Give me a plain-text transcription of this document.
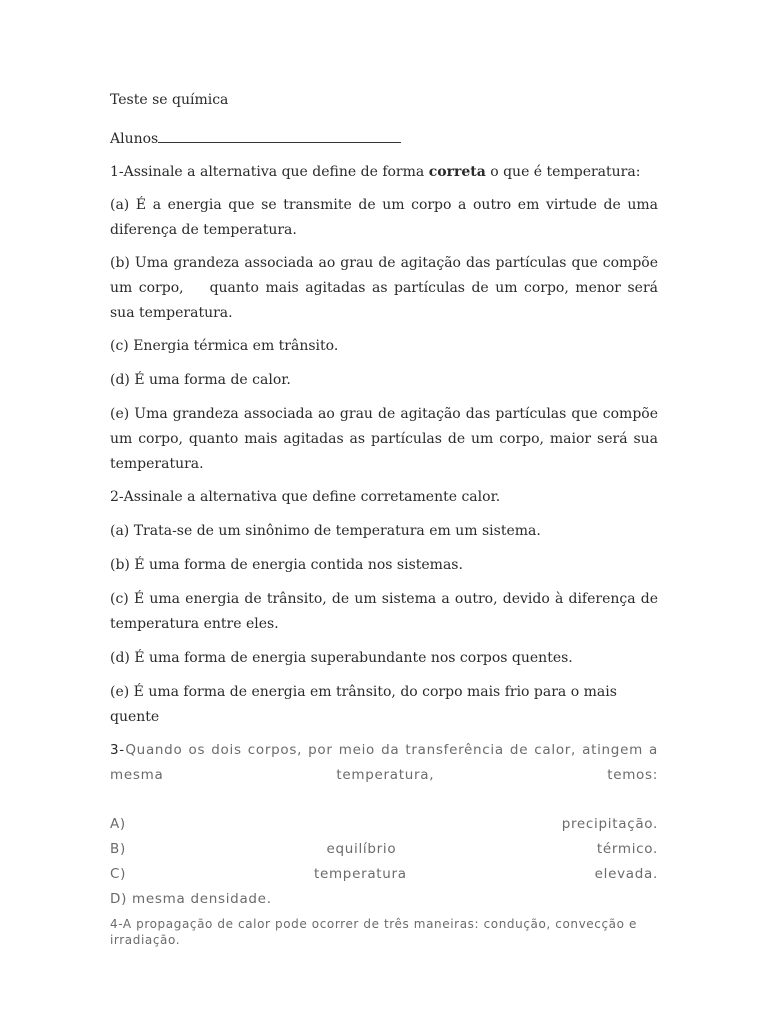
Teste se química

Alunos

1-Assinale a alternativa que define de forma correta o que é temperatura:

(a) É a energia que se transmite de um corpo a outro em virtude de uma diferença de temperatura.

(b) Uma grandeza associada ao grau de agitação das partículas que compõe um corpo,    quanto mais agitadas as partículas de um corpo, menor será sua temperatura.

(c) Energia térmica em trânsito.

(d) É uma forma de calor.

(e) Uma grandeza associada ao grau de agitação das partículas que compõe um corpo, quanto mais agitadas as partículas de um corpo, maior será sua temperatura.

2-Assinale a alternativa que define corretamente calor.

(a) Trata-se de um sinônimo de temperatura em um sistema.

(b) É uma forma de energia contida nos sistemas.

(c) É uma energia de trânsito, de um sistema a outro, devido à diferença de temperatura entre eles.

(d) É uma forma de energia superabundante nos corpos quentes.

(e) É uma forma de energia em trânsito, do corpo mais frio para o mais quente

3-Quando os dois corpos, por meio da transferência de calor, atingem a

mesma	temperatura,	temos:
A)	precipitação.
B)	equilíbrio	térmico.
C)	temperatura	elevada.
D) mesma densidade.

4-A propagação de calor pode ocorrer de três maneiras: condução, convecção e irradiação.
